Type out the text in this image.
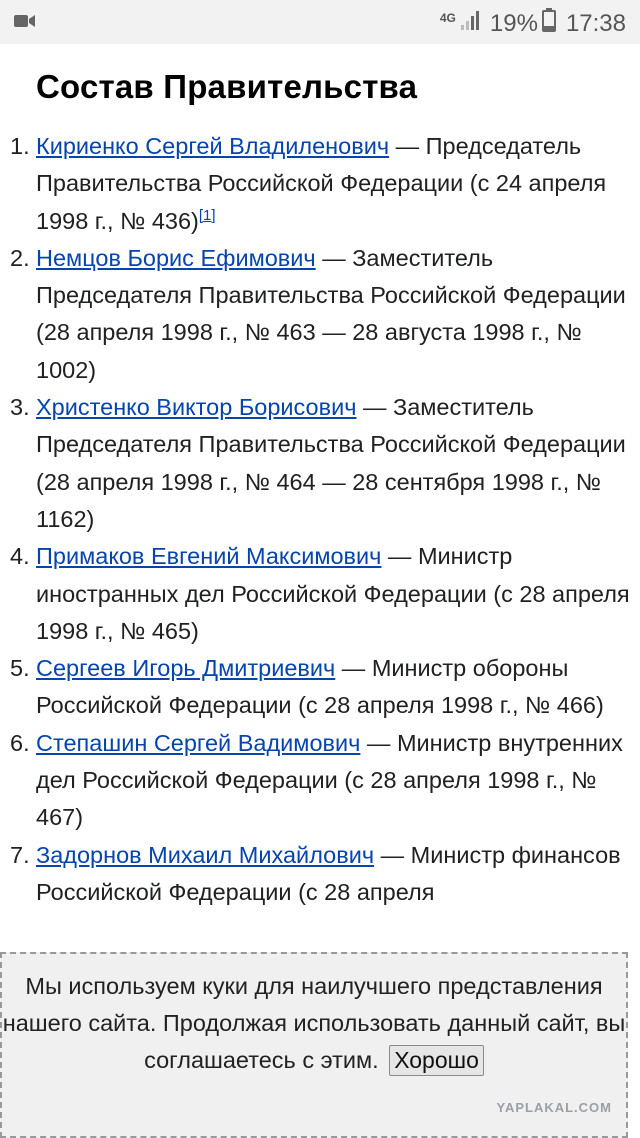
4G 19% 17:38
Состав Правительства
1. Кириенко Сергей Владиленович — Председатель Правительства Российской Федерации (с 24 апреля 1998 г., № 436)[1]
2. Немцов Борис Ефимович — Заместитель Председателя Правительства Российской Федерации (28 апреля 1998 г., № 463 — 28 августа 1998 г., № 1002)
3. Христенко Виктор Борисович — Заместитель Председателя Правительства Российской Федерации (28 апреля 1998 г., № 464 — 28 сентября 1998 г., № 1162)
4. Примаков Евгений Максимович — Министр иностранных дел Российской Федерации (с 28 апреля 1998 г., № 465)
5. Сергеев Игорь Дмитриевич — Министр обороны Российской Федерации (с 28 апреля 1998 г., № 466)
6. Степашин Сергей Вадимович — Министр внутренних дел Российской Федерации (с 28 апреля 1998 г., № 467)
7. Задорнов Михаил Михайлович — Министр финансов Российской Федерации (с 28 апреля
Мы используем куки для наилучшего представления нашего сайта. Продолжая использовать данный сайт, вы соглашаетесь с этим. Хорошо
YAPLAKAL.COM
